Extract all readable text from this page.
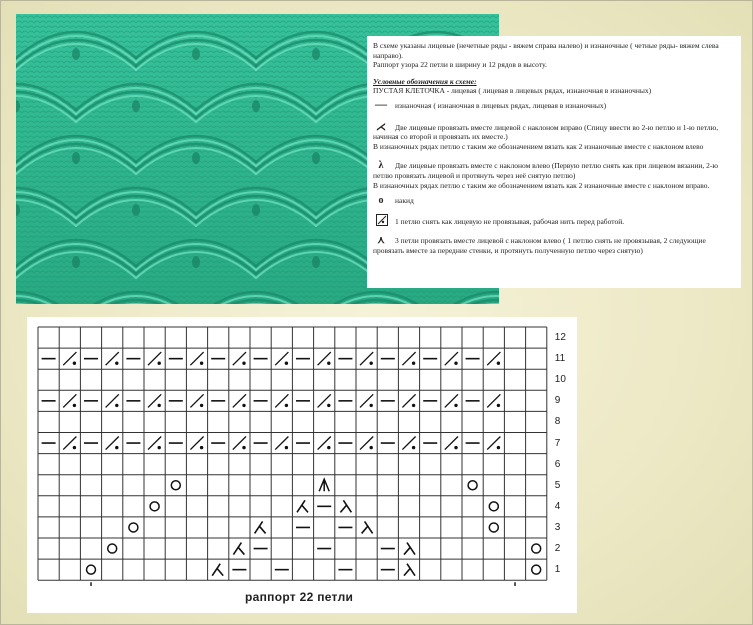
В схеме указаны лицевые (нечетные ряды - вяжем справа налево) и изнаночные ( четные ряды- вяжем слева направо).

Раппорт узора 22 петли в ширину и 12 рядов в высоту.

Условные обозначения к схеме:

ПУСТАЯ КЛЕТОЧКА - лицевая ( лицевая в лицевых рядах, изнаночная в изнаночных)

— изнаночная ( изнаночная в лицевых рядах, лицевая в изнаночных)

⋌ Две лицевые провязать вместе лицевой с наклоном вправо (Спицу ввести во 2-ю петлю и 1-ю петлю, начиная со второй и провязать их вместе.)

В изнаночных рядах петлю с таким же обозначением вязать как 2 изнаночные вместе с наклоном влево

λ Две лицевые провязать вместе с наклоном влево (Первую петлю снять как при лицевом вязании, 2-ю петлю провязать лицевой и протянуть через неё снятую петлю)

В изнаночных рядах петлю с таким же обозначением вязать как 2 изнаночные вместе с наклоном вправо.

o накид

1 петлю снять как лицевую не провязывая, рабочая нить перед работой.

⋏ 3 петли провязать вместе лицевой с наклоном влево ( 1 петлю снять не провязывая, 2 следующие провязать вместе за передние стенки, и протянуть полученную петлю через снятую)

1
2
3
4
5
6
7
8
9
10
11
12
раппорт 22 петли
